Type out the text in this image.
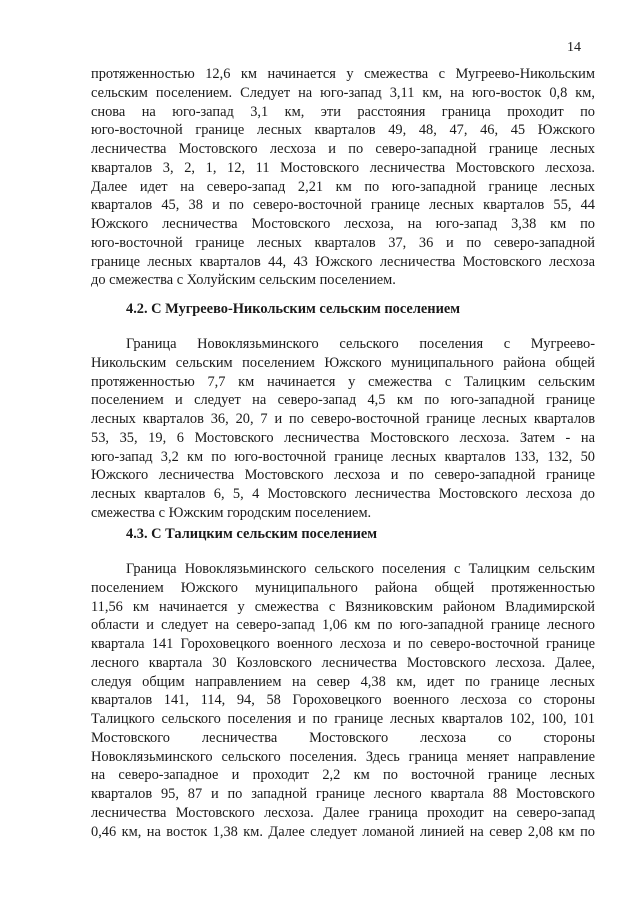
14
протяженностью 12,6 км начинается у смежества с Мугреево-Никольским
сельским поселением. Следует на юго-запад 3,11 км, на юго-восток 0,8 км,
снова на юго-запад 3,1 км, эти расстояния граница проходит по
юго-восточной границе лесных кварталов 49, 48, 47, 46, 45 Южского
лесничества Мостовского лесхоза и по северо-западной границе лесных
кварталов 3, 2, 1, 12, 11 Мостовского лесничества Мостовского лесхоза.
Далее идет на северо-запад 2,21 км по юго-западной границе лесных
кварталов 45, 38 и по северо-восточной границе лесных кварталов 55, 44
Южского лесничества Мостовского лесхоза, на юго-запад 3,38 км по
юго-восточной границе лесных кварталов 37, 36 и по северо-западной
границе лесных кварталов 44, 43 Южского лесничества Мостовского лесхоза
до смежества с Холуйским сельским поселением.
4.2. С Мугреево-Никольским сельским поселением
Граница Новоклязьминского сельского поселения с Мугреево-
Никольским сельским поселением Южского муниципального района общей
протяженностью 7,7 км начинается у смежества с Талицким сельским
поселением и следует на северо-запад 4,5 км по юго-западной границе
лесных кварталов 36, 20, 7 и по северо-восточной границе лесных кварталов
53, 35, 19, 6 Мостовского лесничества Мостовского лесхоза. Затем - на
юго-запад 3,2 км по юго-восточной границе лесных кварталов 133, 132, 50
Южского лесничества Мостовского лесхоза и по северо-западной границе
лесных кварталов 6, 5, 4 Мостовского лесничества Мостовского лесхоза до
смежества с Южским городским поселением.
4.3. С Талицким сельским поселением
Граница Новоклязьминского сельского поселения с Талицким сельским
поселением Южского муниципального района общей протяженностью
11,56 км начинается у смежества с Вязниковским районом Владимирской
области и следует на северо-запад 1,06 км по юго-западной границе лесного
квартала 141 Гороховецкого военного лесхоза и по северо-восточной границе
лесного квартала 30 Козловского лесничества Мостовского лесхоза. Далее,
следуя общим направлением на север 4,38 км, идет по границе лесных
кварталов 141, 114, 94, 58 Гороховецкого военного лесхоза со стороны
Талицкого сельского поселения и по границе лесных кварталов 102, 100, 101
Мостовского лесничества Мостовского лесхоза со стороны
Новоклязьминского сельского поселения. Здесь граница меняет направление
на северо-западное и проходит 2,2 км по восточной границе лесных
кварталов 95, 87 и по западной границе лесного квартала 88 Мостовского
лесничества Мостовского лесхоза. Далее граница проходит на северо-запад
0,46 км, на восток 1,38 км. Далее следует ломаной линией на север 2,08 км по
